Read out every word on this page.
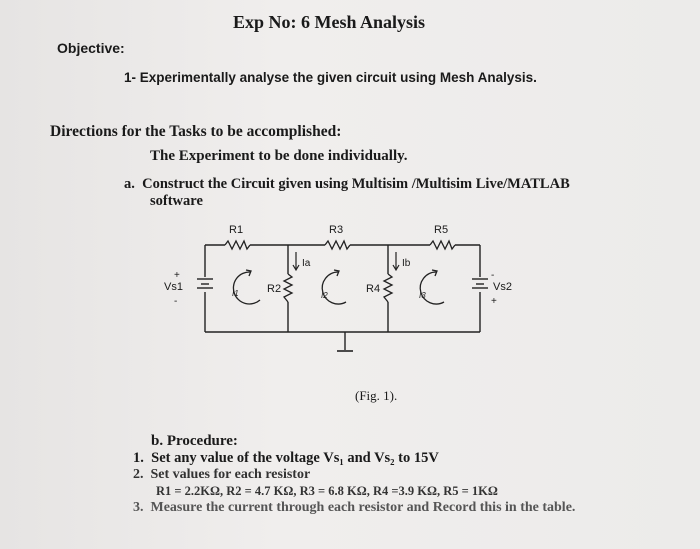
Exp No: 6 Mesh Analysis
Objective:
1- Experimentally analyse the given circuit using Mesh Analysis.
Directions for the Tasks to be accomplished:
The Experiment to be done individually.
a. Construct the Circuit given using Multisim /Multisim Live/MATLAB
software
R1	R3	R5
R2	R4
Vs1	Vs2
Ia	Ib
+
-
-
+
I1	I2	I3
(Fig. 1).
b. Procedure:
1. Set any value of the voltage Vs₁ and Vs₂ to 15V
2. Set values for each resistor
R1 = 2.2KΩ, R2 = 4.7 KΩ, R3 = 6.8 KΩ, R4 =3.9 KΩ, R5 = 1KΩ
3. Measure the current through each resistor and Record this in the table.
